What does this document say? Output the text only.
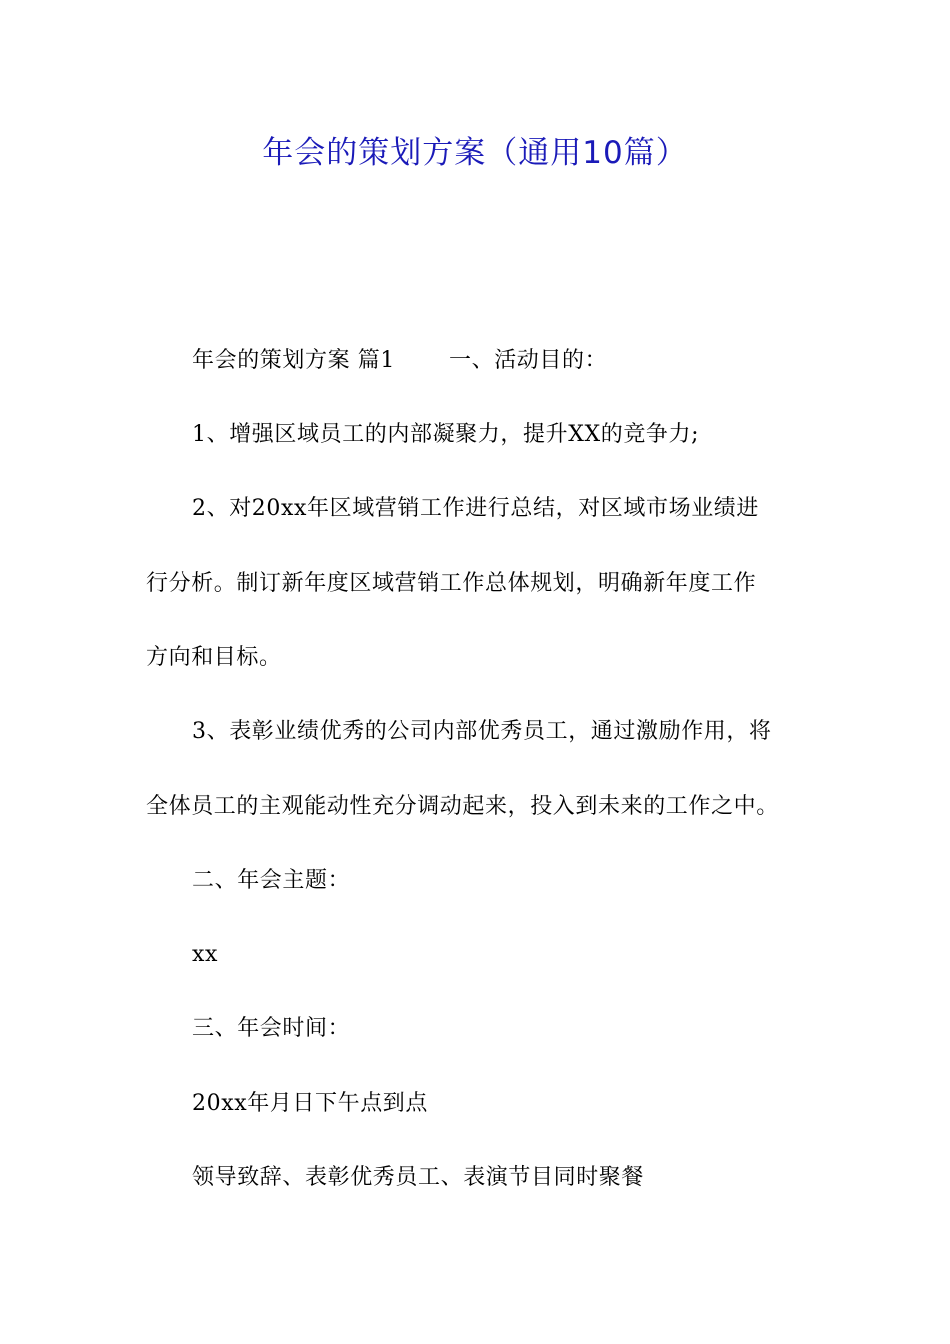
年会的策划方案（通用10篇）
年会的策划方案 篇1 一、活动目的：
1、增强区域员工的内部凝聚力，提升XX的竞争力;
2、对20xx年区域营销工作进行总结，对区域市场业绩进
行分析。制订新年度区域营销工作总体规划，明确新年度工作
方向和目标。
3、表彰业绩优秀的公司内部优秀员工，通过激励作用，将
全体员工的主观能动性充分调动起来，投入到未来的工作之中。
二、年会主题：
xx
三、年会时间：
20xx年月日下午点到点
领导致辞、表彰优秀员工、表演节目同时聚餐
